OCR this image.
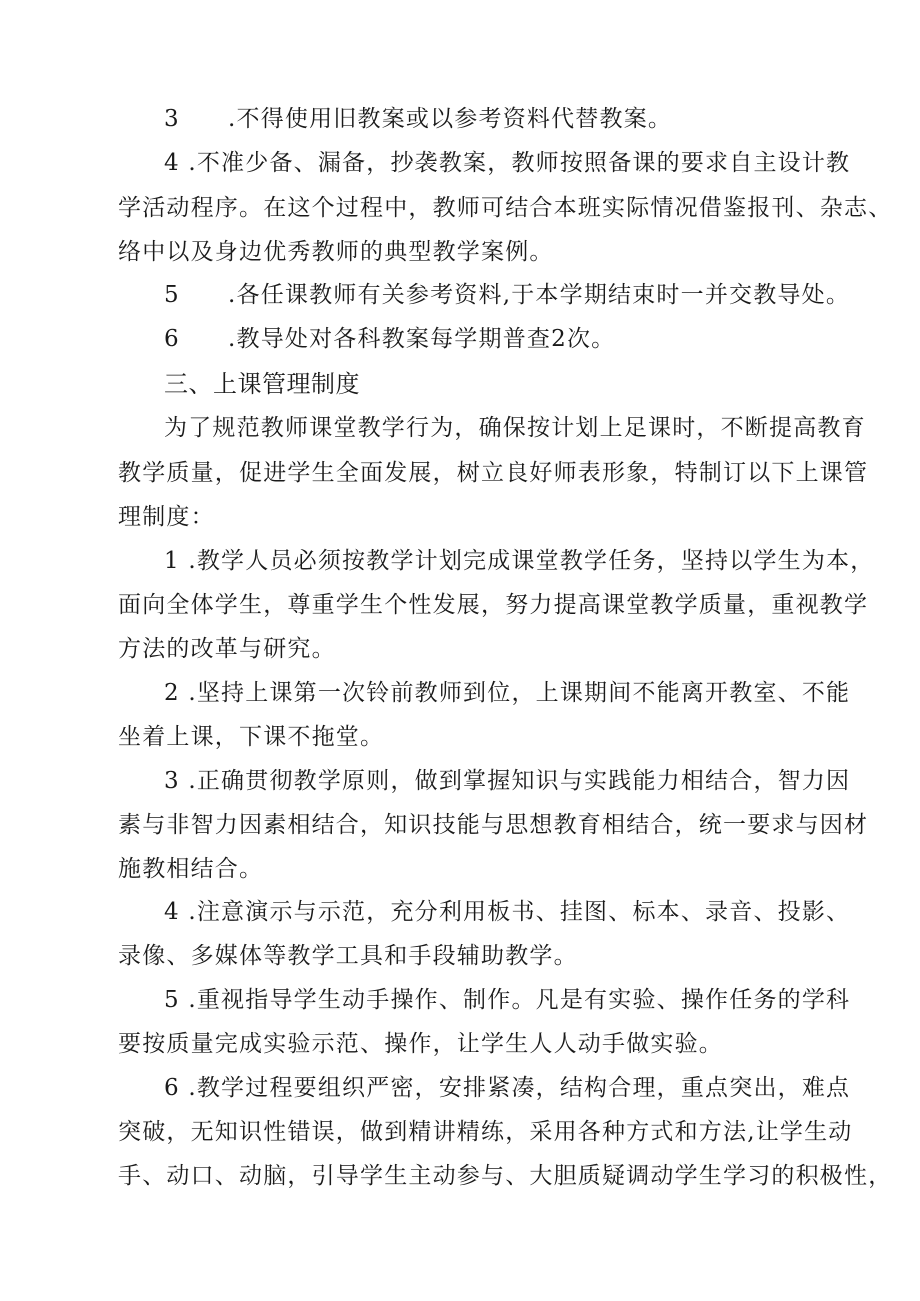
3 .不得使用旧教案或以参考资料代替教案。
4 .不准少备、漏备，抄袭教案，教师按照备课的要求自主设计教
学活动程序。在这个过程中，教师可结合本班实际情况借鉴报刊、杂志、
络中以及身边优秀教师的典型教学案例。
5 .各任课教师有关参考资料,于本学期结束时一并交教导处。
6 .教导处对各科教案每学期普查2次。
三、上课管理制度
为了规范教师课堂教学行为，确保按计划上足课时，不断提高教育
教学质量，促进学生全面发展，树立良好师表形象，特制订以下上课管
理制度：
1 .教学人员必须按教学计划完成课堂教学任务，坚持以学生为本，
面向全体学生，尊重学生个性发展，努力提高课堂教学质量，重视教学
方法的改革与研究。
2 .坚持上课第一次铃前教师到位，上课期间不能离开教室、不能
坐着上课，下课不拖堂。
3 .正确贯彻教学原则，做到掌握知识与实践能力相结合，智力因
素与非智力因素相结合，知识技能与思想教育相结合，统一要求与因材
施教相结合。
4 .注意演示与示范，充分利用板书、挂图、标本、录音、投影、
录像、多媒体等教学工具和手段辅助教学。
5 .重视指导学生动手操作、制作。凡是有实验、操作任务的学科
要按质量完成实验示范、操作，让学生人人动手做实验。
6 .教学过程要组织严密，安排紧凑，结构合理，重点突出，难点
突破，无知识性错误，做到精讲精练，采用各种方式和方法,让学生动
手、动口、动脑，引导学生主动参与、大胆质疑调动学生学习的积极性，
